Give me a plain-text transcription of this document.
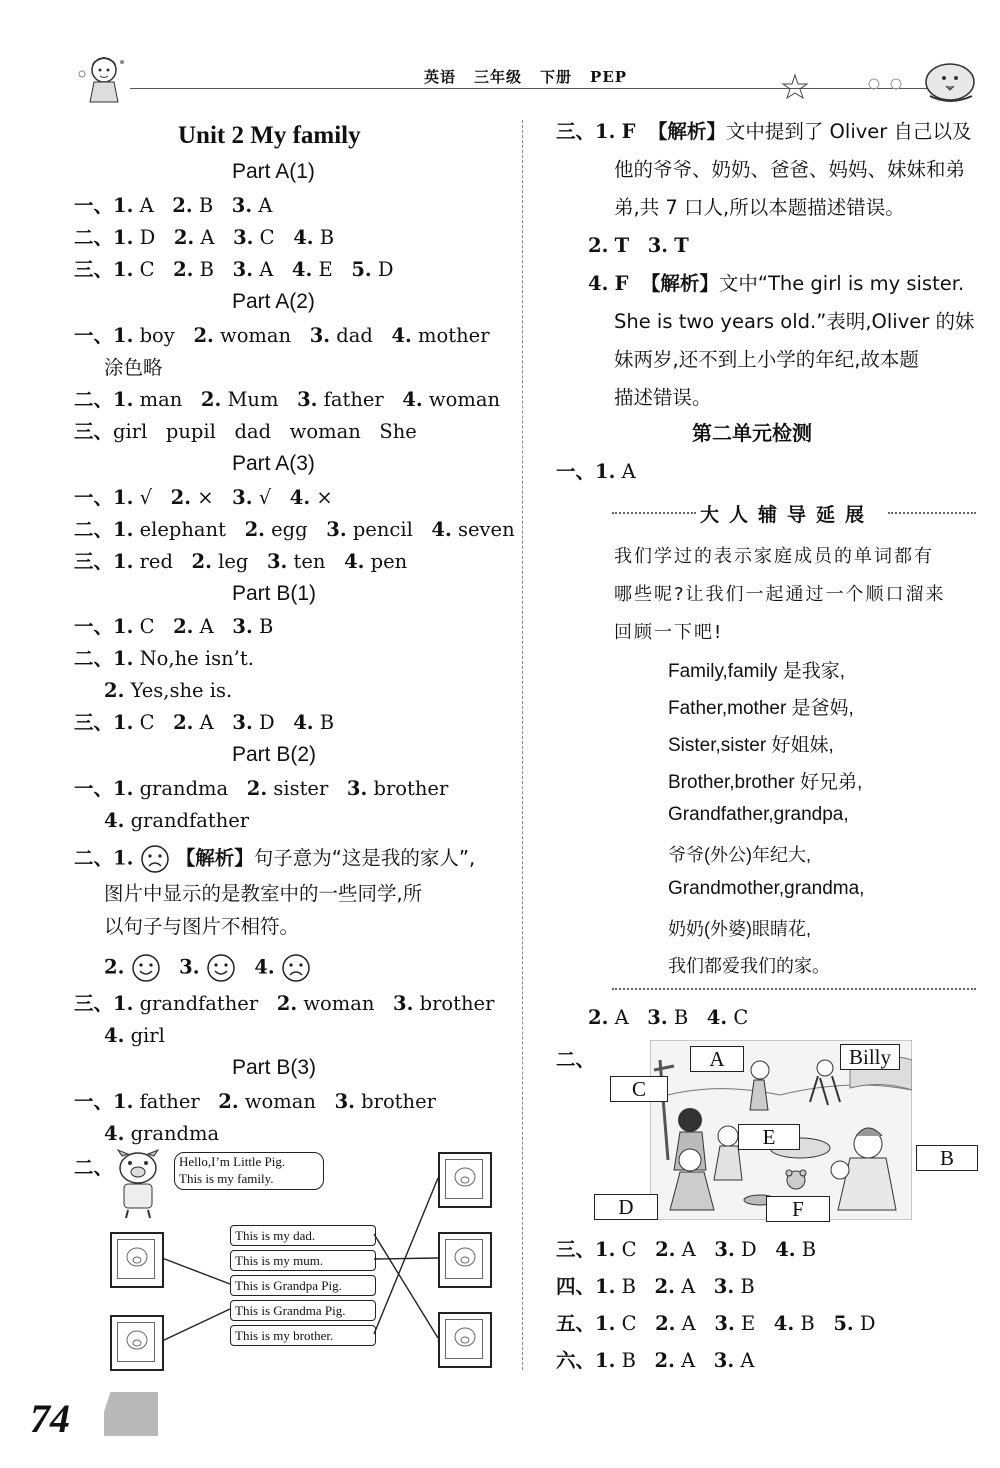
英语 三年级 下册 PEP
Unit 2 My family
Part A(1)
一、1. A 2. B 3. A
二、1. D 2. A 3. C 4. B
三、1. C 2. B 3. A 4. E 5. D
Part A(2)
一、1. boy 2. woman 3. dad 4. mother
涂色略
二、1. man 2. Mum 3. father 4. woman
三、girl   pupil   dad   woman   She
Part A(3)
一、1. √ 2. × 3. √ 4. ×
二、1. elephant 2. egg 3. pencil 4. seven
三、1. red 2. leg 3. ten 4. pen
Part B(1)
一、1. C 2. A 3. B
二、1. No,he isn’t.
2. Yes,she is.
三、1. C 2. A 3. D 4. B
Part B(2)
一、1. grandma 2. sister 3. brother
4. grandfather
二、1. 【解析】句子意为“这是我的家人”,
图片中显示的是教室中的一些同学,所
以句子与图片不相符。
2.	3.	4.
三、1. grandfather 2. woman 3. brother
4. girl
Part B(3)
一、1. father 2. woman 3. brother
4. grandma
二、	Hello,I’m Little Pig.
This is my family.
This is my dad.
This is my mum.
This is Grandpa Pig.
This is Grandma Pig.
This is my brother.
三、1. F 【解析】文中提到了 Oliver 自己以及
他的爷爷、奶奶、爸爸、妈妈、妹妹和弟
弟,共 7 口人,所以本题描述错误。
2. T 3. T
4. F 【解析】文中“The girl is my sister.
She is two years old.”表明,Oliver 的妹
妹两岁,还不到上小学的年纪,故本题
描述错误。
第二单元检测
一、1. A
大人辅导延展
我们学过的表示家庭成员的单词都有
哪些呢?让我们一起通过一个顺口溜来
回顾一下吧!
Family,family 是我家,
Father,mother 是爸妈,
Sister,sister 好姐妹,
Brother,brother 好兄弟,
Grandfather,grandpa,
爷爷(外公)年纪大,
Grandmother,grandma,
奶奶(外婆)眼睛花,
我们都爱我们的家。
2. A 3. B 4. C
二、	A	Billy
C
E
B
D	F
三、1. C 2. A 3. D 4. B
四、1. B 2. A 3. B
五、1. C 2. A 3. E 4. B 5. D
六、1. B 2. A 3. A
74
